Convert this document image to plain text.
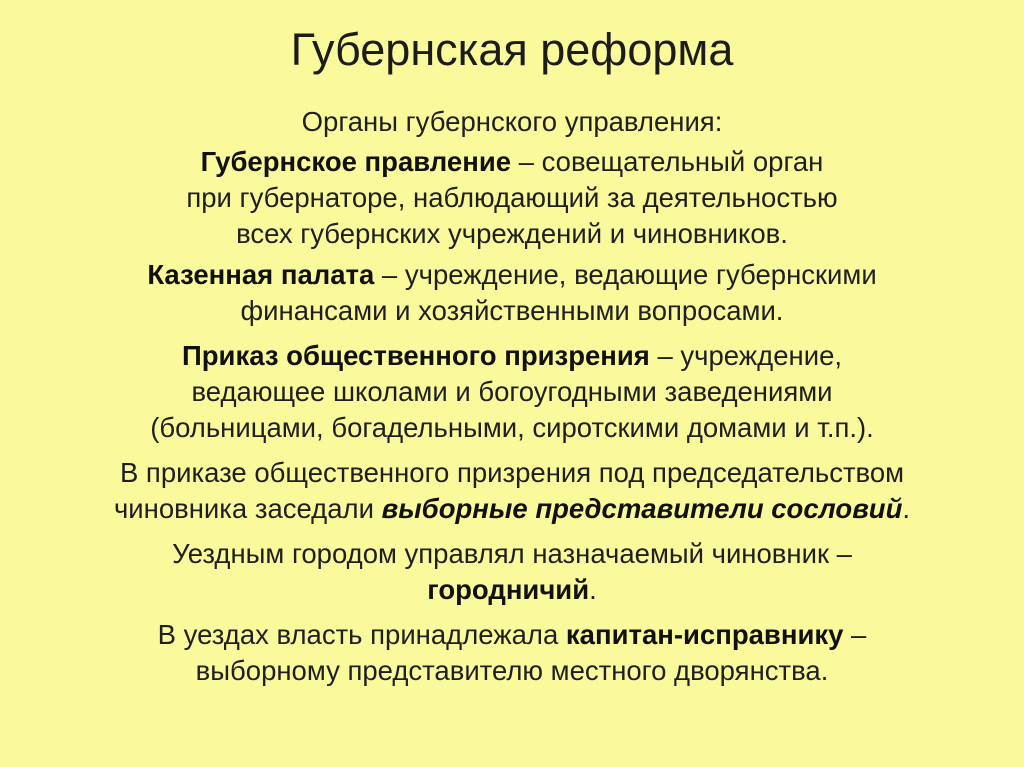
Губернская реформа

Органы губернского управления:

Губернское правление – совещательный орган
при губернаторе, наблюдающий за деятельностью
всех губернских учреждений и чиновников.

Казенная палата – учреждение, ведающие губернскими
финансами и хозяйственными вопросами.

Приказ общественного призрения – учреждение,
ведающее школами и богоугодными заведениями
(больницами, богадельными, сиротскими домами и т.п.).

В приказе общественного призрения под председательством
чиновника заседали выборные представители сословий.

Уездным городом управлял назначаемый чиновник –
городничий.

В уездах власть принадлежала капитан-исправнику –
выборному представителю местного дворянства.
